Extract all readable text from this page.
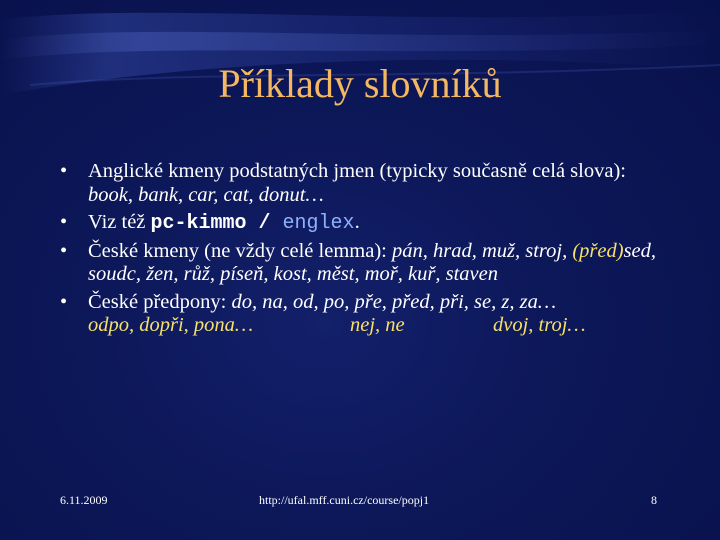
Příklady slovníků
• Anglické kmeny podstatných jmen (typicky současně celá slova): book, bank, car, cat, donut…
• Viz též pc-kimmo / englex.
• České kmeny (ne vždy celé lemma): pán, hrad, muž, stroj, (před)sed, soudc, žen, růž, píseň, kost, měst, moř, kuř, staven
• České předpony: do, na, od, po, pře, před, při, se, z, za…
odpo, dopři, pona…	nej, ne	dvoj, troj…
6.11.2009	http://ufal.mff.cuni.cz/course/popj1	8
